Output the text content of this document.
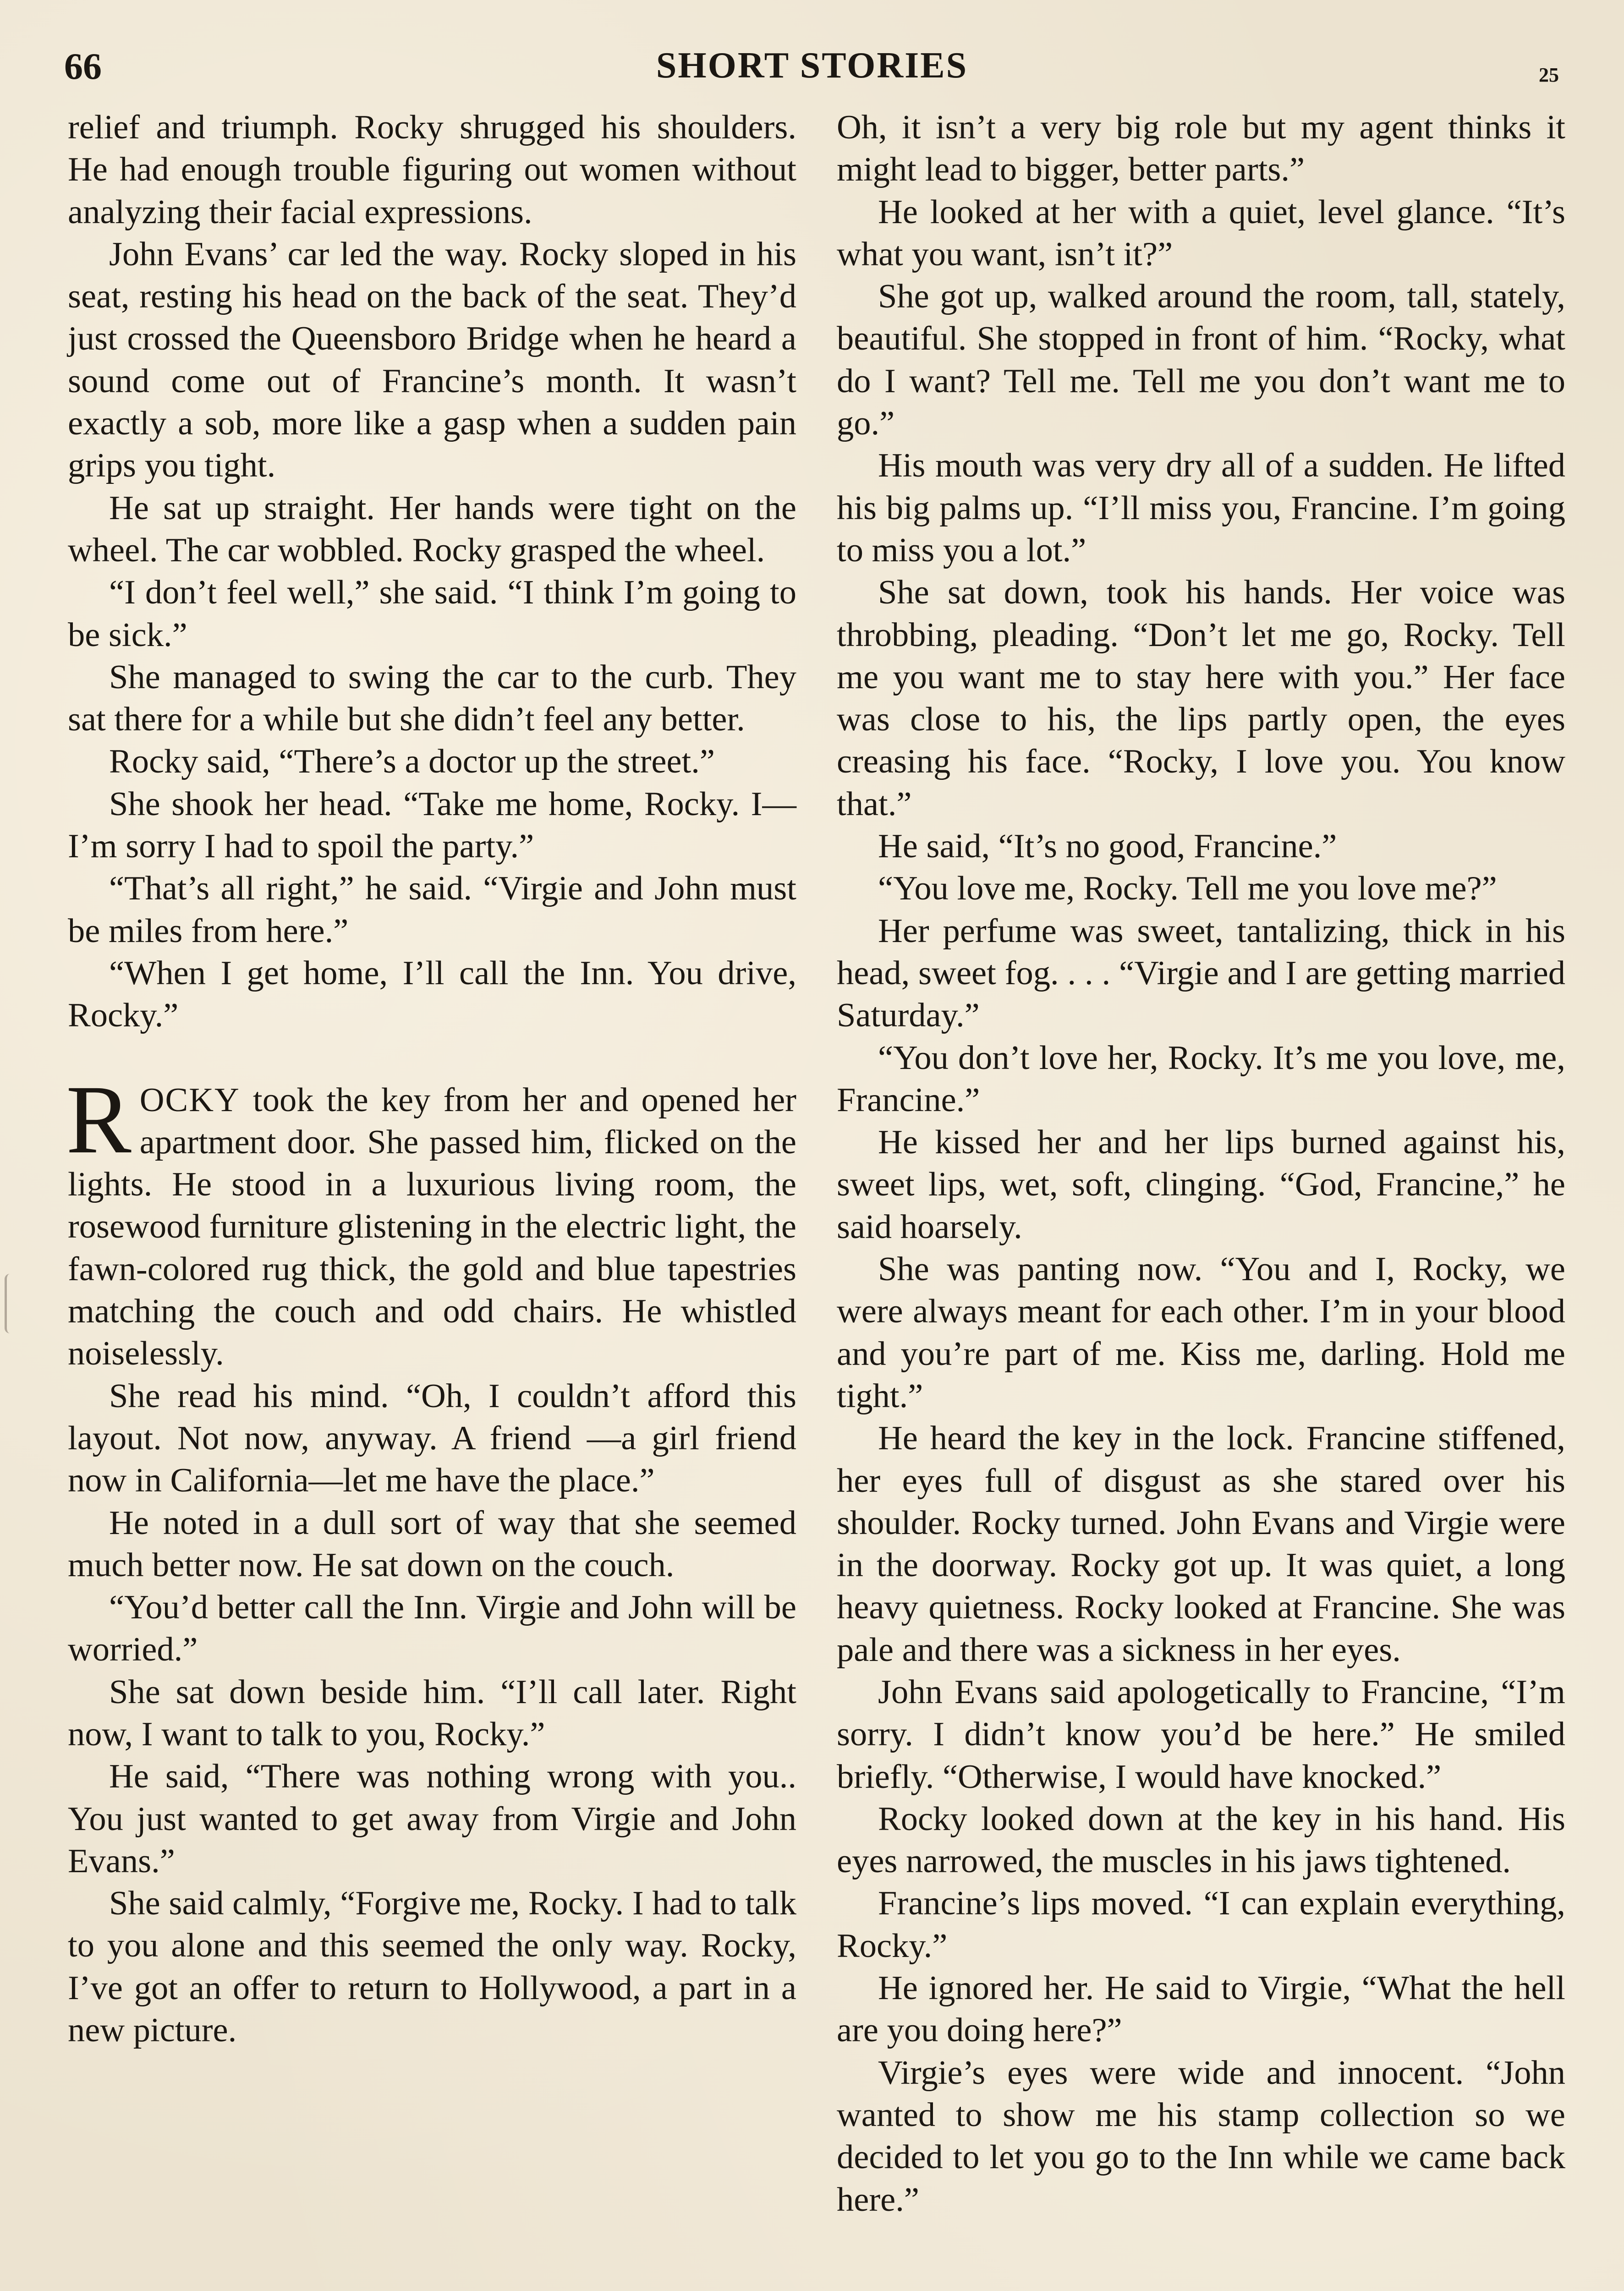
66	SHORT STORIES	25

relief and triumph. Rocky shrugged his shoulders. He had enough trouble figuring out women without analyzing their facial expressions.

John Evans’ car led the way. Rocky sloped in his seat, resting his head on the back of the seat. They’d just crossed the Queensboro Bridge when he heard a sound come out of Francine’s month. It wasn’t exactly a sob, more like a gasp when a sudden pain grips you tight.

He sat up straight. Her hands were tight on the wheel. The car wobbled. Rocky grasped the wheel.

“I don’t feel well,” she said. “I think I’m going to be sick.”

She managed to swing the car to the curb. They sat there for a while but she didn’t feel any better.

Rocky said, “There’s a doctor up the street.”

She shook her head. “Take me home, Rocky. I—I’m sorry I had to spoil the party.”

“That’s all right,” he said. “Virgie and John must be miles from here.”

“When I get home, I’ll call the Inn. You drive, Rocky.”

ROCKY took the key from her and opened her apartment door. She passed him, flicked on the lights. He stood in a luxurious living room, the rosewood furniture glistening in the electric light, the fawn-colored rug thick, the gold and blue tapestries matching the couch and odd chairs. He whistled noiselessly.

She read his mind. “Oh, I couldn’t afford this layout. Not now, anyway. A friend —a girl friend now in California—let me have the place.”

He noted in a dull sort of way that she seemed much better now. He sat down on the couch.

“You’d better call the Inn. Virgie and John will be worried.”

She sat down beside him. “I’ll call later. Right now, I want to talk to you, Rocky.”

He said, “There was nothing wrong with you.. You just wanted to get away from Virgie and John Evans.”

She said calmly, “Forgive me, Rocky. I had to talk to you alone and this seemed the only way. Rocky, I’ve got an offer to return to Hollywood, a part in a new picture.

Oh, it isn’t a very big role but my agent thinks it might lead to bigger, better parts.”

He looked at her with a quiet, level glance. “It’s what you want, isn’t it?”

She got up, walked around the room, tall, stately, beautiful. She stopped in front of him. “Rocky, what do I want? Tell me. Tell me you don’t want me to go.”

His mouth was very dry all of a sudden. He lifted his big palms up. “I’ll miss you, Francine. I’m going to miss you a lot.”

She sat down, took his hands. Her voice was throbbing, pleading. “Don’t let me go, Rocky. Tell me you want me to stay here with you.” Her face was close to his, the lips partly open, the eyes creasing his face. “Rocky, I love you. You know that.”

He said, “It’s no good, Francine.”

“You love me, Rocky. Tell me you love me?”

Her perfume was sweet, tantalizing, thick in his head, sweet fog. . . . “Virgie and I are getting married Saturday.”

“You don’t love her, Rocky. It’s me you love, me, Francine.”

He kissed her and her lips burned against his, sweet lips, wet, soft, clinging. “God, Francine,” he said hoarsely.

She was panting now. “You and I, Rocky, we were always meant for each other. I’m in your blood and you’re part of me. Kiss me, darling. Hold me tight.”

He heard the key in the lock. Francine stiffened, her eyes full of disgust as she stared over his shoulder. Rocky turned. John Evans and Virgie were in the doorway. Rocky got up. It was quiet, a long heavy quietness. Rocky looked at Francine. She was pale and there was a sickness in her eyes.

John Evans said apologetically to Francine, “I’m sorry. I didn’t know you’d be here.” He smiled briefly. “Otherwise, I would have knocked.”

Rocky looked down at the key in his hand. His eyes narrowed, the muscles in his jaws tightened.

Francine’s lips moved. “I can explain everything, Rocky.”

He ignored her. He said to Virgie, “What the hell are you doing here?”

Virgie’s eyes were wide and innocent. “John wanted to show me his stamp collection so we decided to let you go to the Inn while we came back here.”
